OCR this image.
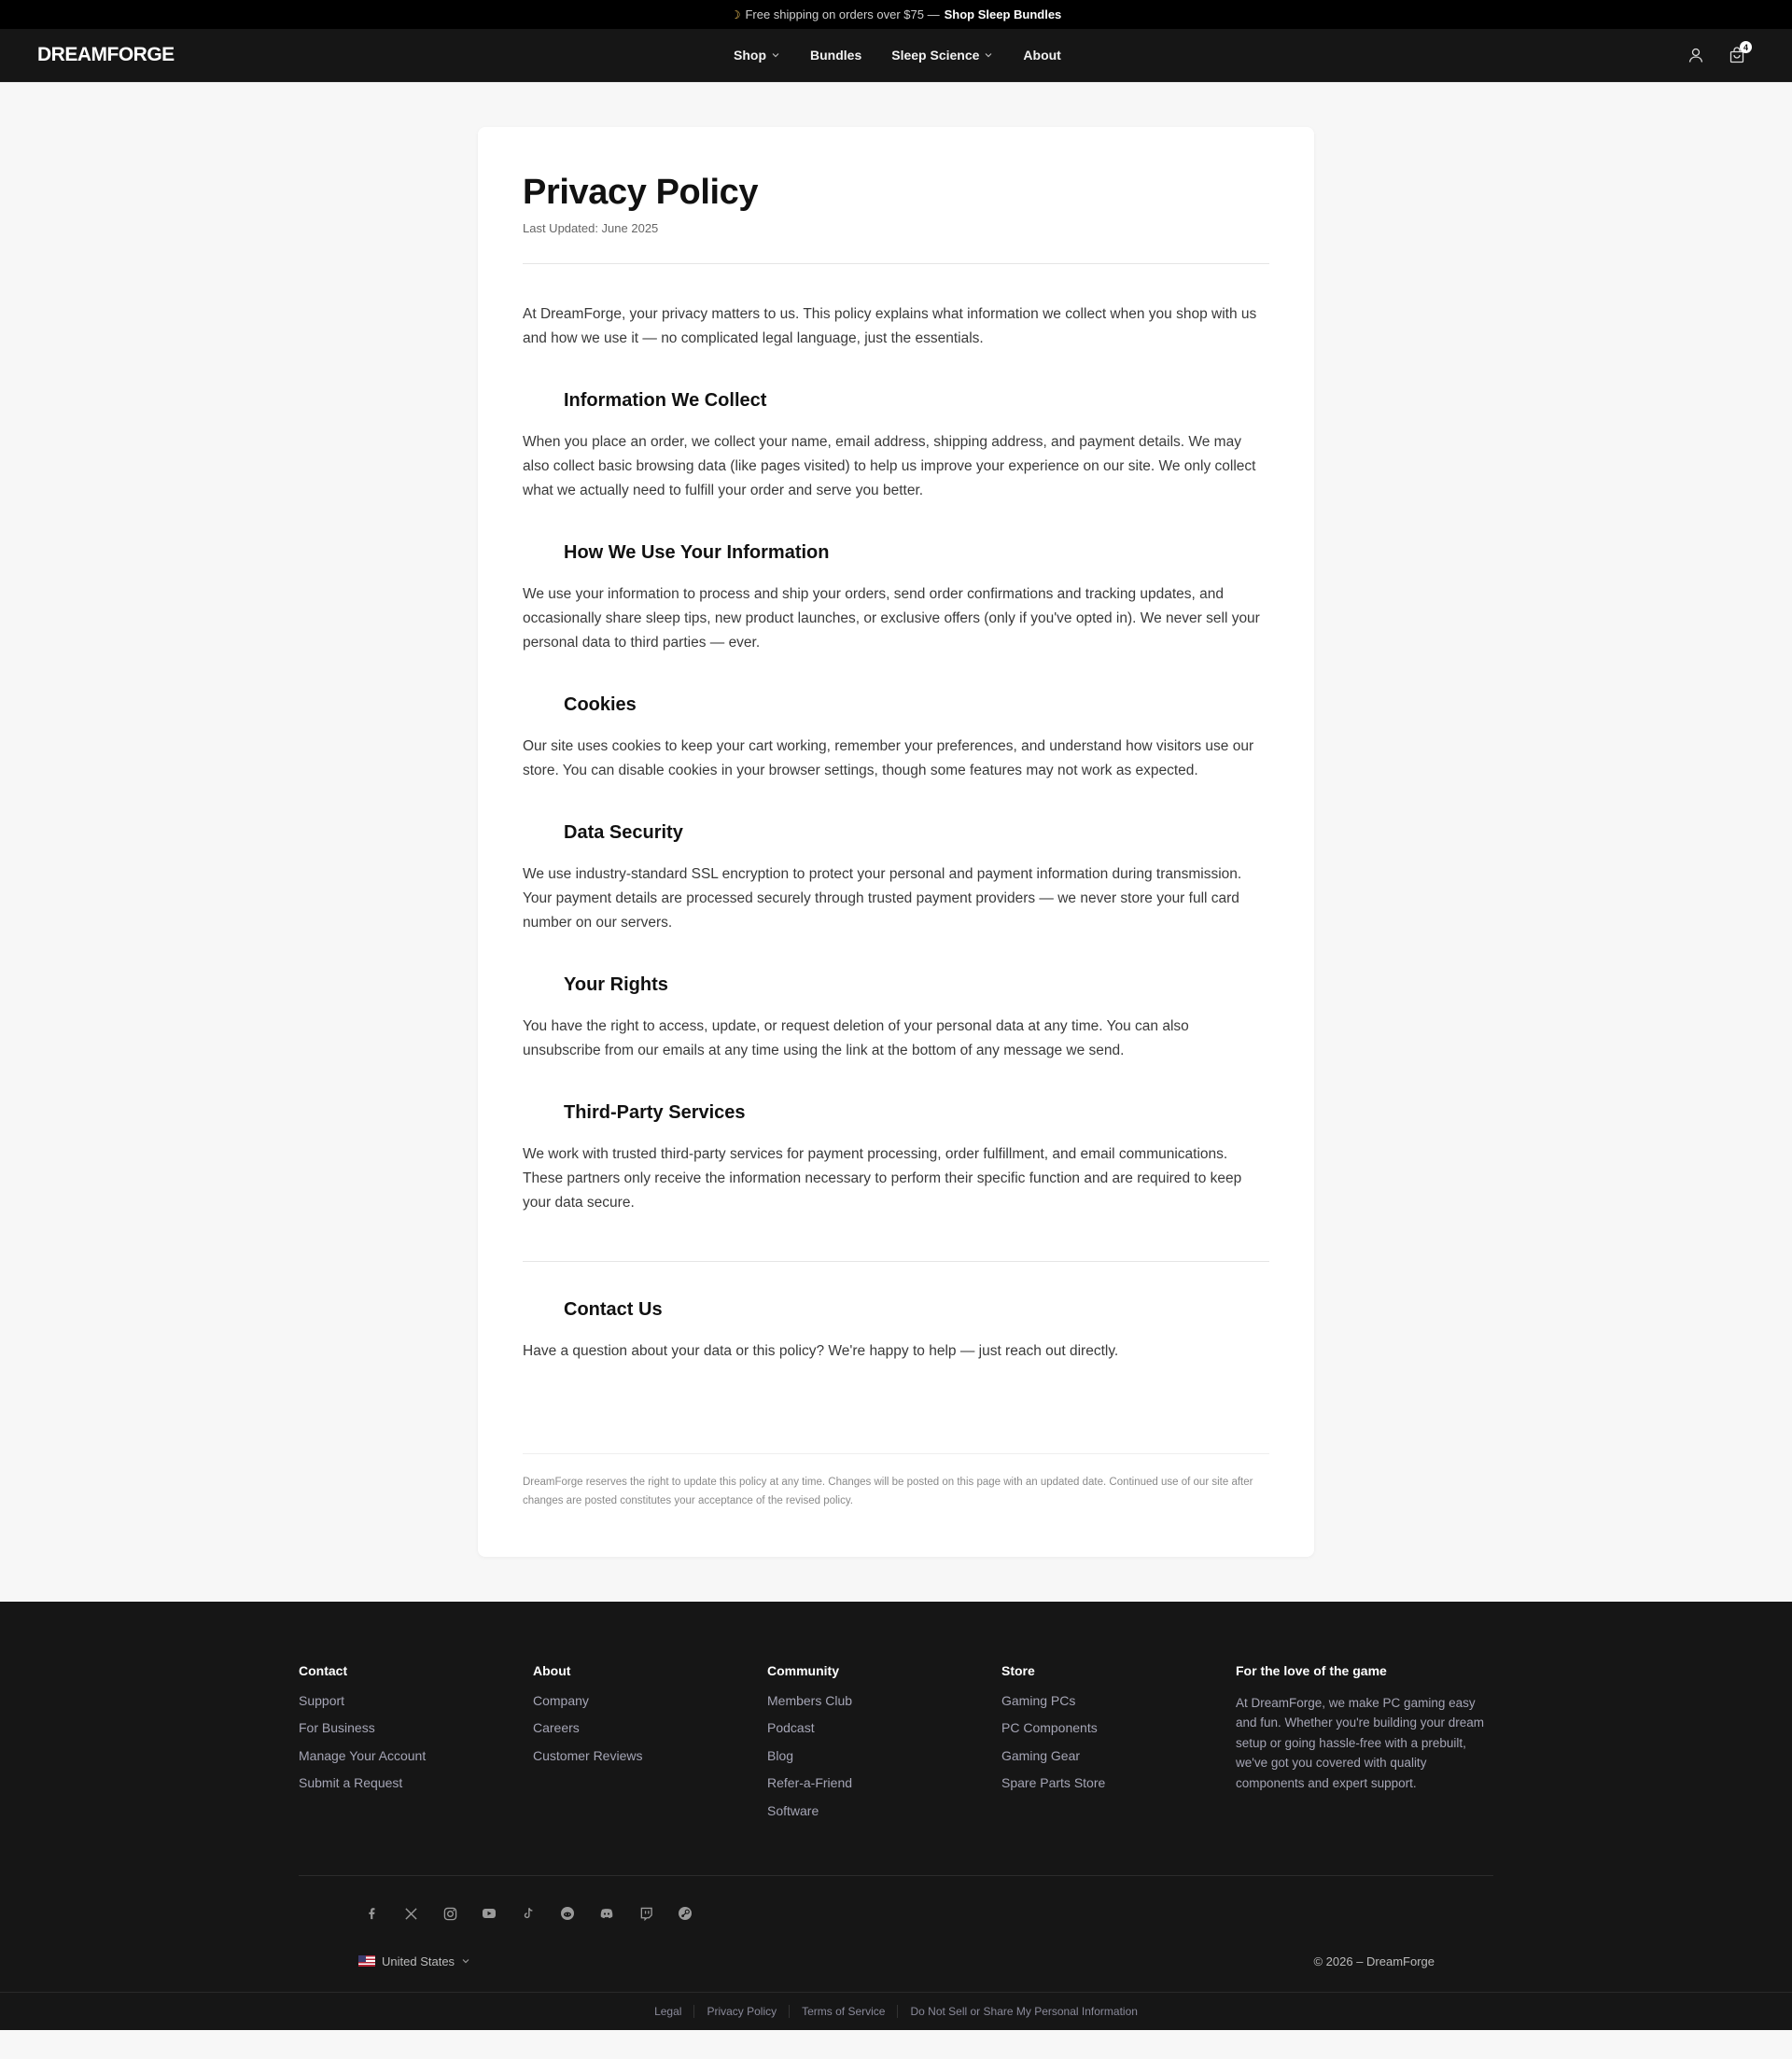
☽ Free shipping on orders over $75 — Shop Sleep Bundles
DREAMFORGE	Shop	Bundles Sleep Science	About
4
Privacy Policy
Last Updated: June 2025

At DreamForge, your privacy matters to us. This policy explains what information we collect when you shop with us and how we use it — no complicated legal language, just the essentials.

Information We Collect

When you place an order, we collect your name, email address, shipping address, and payment details. We may also collect basic browsing data (like pages visited) to help us improve your experience on our site. We only collect what we actually need to fulfill your order and serve you better.

How We Use Your Information

We use your information to process and ship your orders, send order confirmations and tracking updates, and occasionally share sleep tips, new product launches, or exclusive offers (only if you've opted in). We never sell your personal data to third parties — ever.

Cookies

Our site uses cookies to keep your cart working, remember your preferences, and understand how visitors use our store. You can disable cookies in your browser settings, though some features may not work as expected.

Data Security

We use industry-standard SSL encryption to protect your personal and payment information during transmission. Your payment details are processed securely through trusted payment providers — we never store your full card number on our servers.

Your Rights

You have the right to access, update, or request deletion of your personal data at any time. You can also unsubscribe from our emails at any time using the link at the bottom of any message we send.

Third-Party Services

We work with trusted third-party services for payment processing, order fulfillment, and email communications. These partners only receive the information necessary to perform their specific function and are required to keep your data secure.

Contact Us

Have a question about your data or this policy? We're happy to help — just reach out directly.

DreamForge reserves the right to update this policy at any time. Changes will be posted on this page with an updated date. Continued use of our site after changes are posted constitutes your acceptance of the revised policy.

Contact
Support
For Business
Manage Your Account
Submit a Request
About
Company
Careers
Customer Reviews
Community
Members Club
Podcast
Blog
Refer-a-Friend
Software
Store
Gaming PCs
PC Components
Gaming Gear
Spare Parts Store
For the love of the game

At DreamForge, we make PC gaming easy and fun. Whether you're building your dream setup or going hassle-free with a prebuilt, we've got you covered with quality components and expert support.

United States	© 2026 – DreamForge
Legal	Privacy Policy	Terms of Service	Do Not Sell or Share My Personal Information
